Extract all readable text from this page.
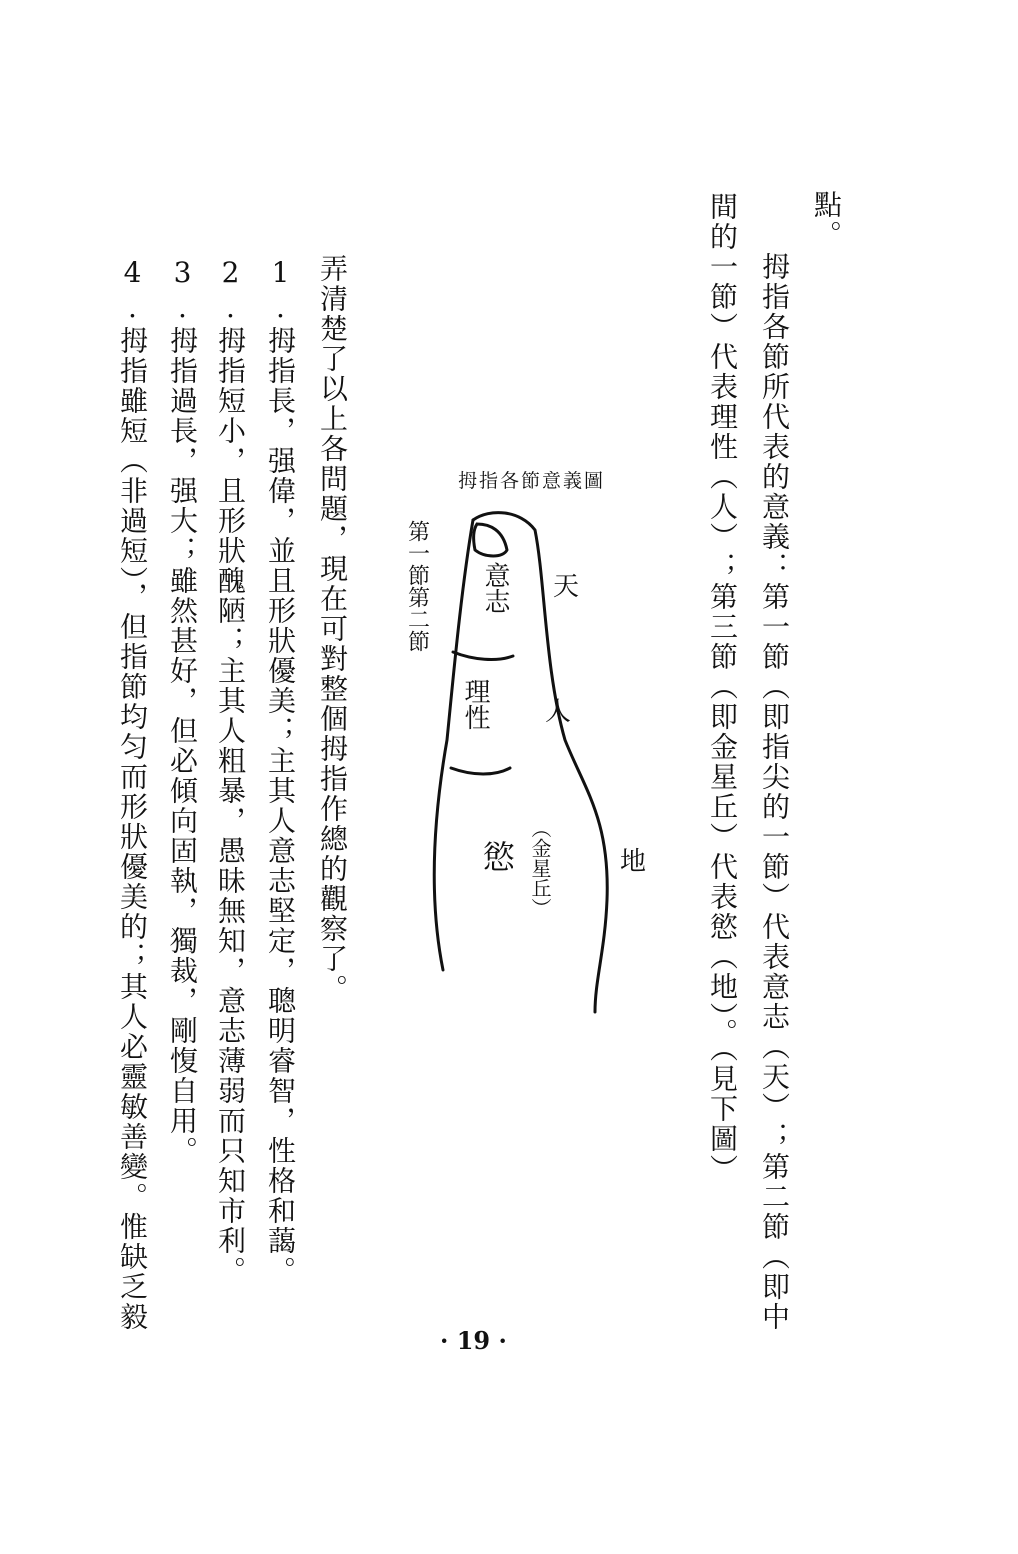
點。
　拇指各節所代表的意義：第一節（即指尖的一節）代表意志（天）；第二節（即中
間的一節）代表理性（人）；第三節（即金星丘）代表慾（地）。（見下圖）
弄清楚了以上各問題，現在可對整個拇指作總的觀察了。
1.拇指長，强偉，並且形狀優美；主其人意志堅定，聰明睿智，性格和藹。
2.拇指短小，且形狀醜陋；主其人粗暴，愚昧無知，意志薄弱而只知市利。
3.拇指過長，强大；雖然甚好，但必傾向固執，獨裁，剛愎自用。
4.拇指雖短（非過短），但指節均匀而形狀優美的；其人必靈敏善變。惟缺乏毅	拇指各節意義圖
天
人
地
慾
意志
理性
（金星丘）
第一節第二節
· 19 ·
